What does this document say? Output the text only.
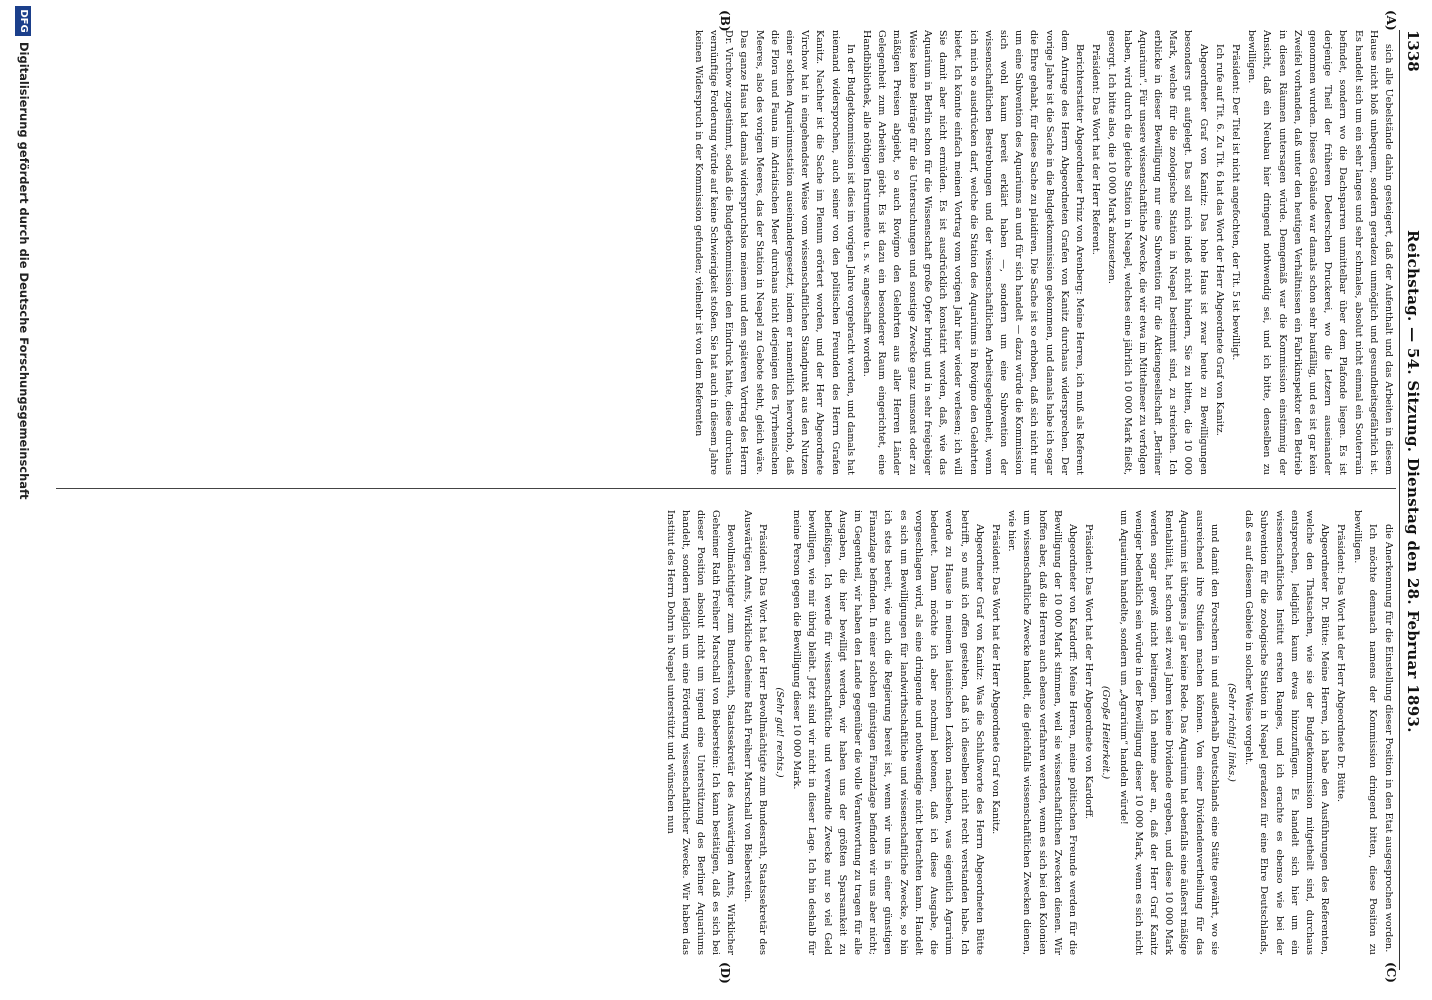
1338
Reichstag. — 54. Sitzung. Dienstag den 28. Februar 1893.
(A)
(B)
(C)
(D)

sich alle Uebelstände dahin gesteigert, daß der Aufenthalt und das Arbeiten in diesem Hause nicht bloß unbequem, sondern geradezu unmöglich und gesundheitsgefährlich ist. Es handelt sich um ein sehr langes und sehr schmales, absolut nicht einmal ein Souterrain befindet, sondern wo die Dachsparren unmittelbar über dem Plafonde liegen. Es ist derjenige Theil der früheren Dederschen Druckerei, wo die Letzern auseinander genommen wurden. Dieses Gebäude war damals schon sehr baufällig, und es ist gar kein Zweifel vorhanden, daß unter den heutigen Verhältnissen ein Fabrikinspektor den Betrieb in diesen Räumen untersagen würde. Demgemäß war die Kommission einstimmig der Ansicht, daß ein Neubau hier dringend nothwendig sei, und ich bitte, denselben zu bewilligen.

Präsident: Der Titel ist nicht angefochten, der Tit. 5 ist bewilligt.

Ich rufe auf Tit. 6. Zu Tit. 6 hat das Wort der Herr Abgeordnete Graf von Kanitz.

Abgeordneter Graf von Kanitz: Das hohe Haus ist zwar heute zu Bewilligungen besonders gut aufgelegt. Das soll mich indeß nicht hindern, Sie zu bitten, die 10 000 Mark, welche für die zoologische Station in Neapel bestimmt sind, zu streichen. Ich erblicke in dieser Bewilligung nur eine Subvention für die Aktiengesellschaft „Berliner Aquarium“. Für unsere wissenschaftliche Zwecke, die wir etwa im Mittelmeer zu verfolgen haben, wird durch die gleiche Station in Neapel, welches eine jährlich 10 000 Mark fließt, gesorgt. Ich bitte also, die 10 000 Mark abzusetzen.

Präsident: Das Wort hat der Herr Referent.

Berichterstatter Abgeordneter Prinz von Arenberg: Meine Herren, ich muß als Referent dem Antrage des Herrn Abgeordneten Grafen von Kanitz durchaus widersprechen. Der vorige Jahre ist die Sache in die Budgetkommission gekommen, und damals habe ich sogar die Ehre gehabt, für diese Sache zu plaidiren. Die Sache ist so erhoben, daß sich nicht nur um eine Subvention des Aquariums an und für sich handelt — dazu würde die Kommission sich wohl kaum bereit erklärt haben —, sondern um eine Subvention der wissenschaftlichen Bestrebungen und der wissenschaftlichen Arbeitsgelegenheit, wenn ich mich so ausdrücken darf, welche die Station des Aquariums in Rovigno den Gelehrten bietet. Ich könnte einfach meinen Vortrag vom vorigen Jahr hier wieder verlesen; ich will Sie damit aber nicht ermüden. Es ist ausdrücklich konstatirt worden, daß, wie das Aquarium in Berlin schon für die Wissenschaft große Opfer bringt und in sehr freigebiger Weise keine Beiträge für die Untersuchungen und sonstige Zwecke ganz umsonst oder zu mäßigen Preisen abgiebt, so auch Rovigno den Gelehrten aus aller Herren Länder Gelegenheit zum Arbeiten giebt. Es ist dazu ein besonderer Raum eingerichtet, eine Handbibliothek, alle nöthigen Instrumente u. s. w. angeschafft worden.

In der Budgetkommission ist dies im vorigen Jahre vorgebracht worden, und damals hat niemand widersprochen, auch seiner von den politischen Freunden des Herrn Grafen Kanitz. Nachher ist die Sache im Plenum erörtert worden, und der Herr Abgeordnete Virchow hat in eingehendster Weise vom wissenschaftlichen Standpunkt aus den Nutzen einer solchen Aquariumsstation auseinandergesetzt, indem er namentlich hervorhob, daß die Flora und Fauna im Adriatischen Meer durchaus nicht derjenigen des Tyrrhenischen Meeres, also des vorigen Meeres, das der Station in Neapel zu Gebote steht, gleich wäre. Das ganze Haus hat damals widerspruchslos meinem und dem späteren Vortrag des Herrn Dr. Virchow zugestimmt, sodaß die Budgetkommission den Eindruck hatte, diese durchaus vernünftige Forderung würde auf keine Schwierigkeit stoßen. Sie hat auch in diesem Jahre keinen Widerspruch in der Kommission gefunden; vielmehr ist von dem Referenten

die Anerkennung für die Einstellung dieser Position in den Etat ausgesprochen worden.

Ich möchte demnach namens der Kommission dringend bitten, diese Position zu bewilligen.

Präsident: Das Wort hat der Herr Abgeordnete Dr. Bütte.

Abgeordneter Dr. Bütte: Meine Herren, ich habe den Ausführungen des Referenten, welche den Thatsachen, wie sie der Budgetkommission mitgetheilt sind, durchaus entsprechen, lediglich kaum etwas hinzuzufügen. Es handelt sich hier um ein wissenschaftliches Institut ersten Ranges, und ich erachte es ebenso wie bei der Subvention für die zoologische Station in Neapel geradezu für eine Ehre Deutschlands, daß es auf diesem Gebiete in solcher Weise vorgeht.

(Sehr richtig! links.)

und damit den Forschern in und außerhalb Deutschlands eine Stätte gewährt, wo sie ausreichend ihre Studien machen können. Von einer Dividendenvertheilung für das Aquarium ist übrigens ja gar keine Rede. Das Aquarium hat ebenfalls eine äußerst mäßige Rentabilität, hat schon seit zwei Jahren keine Dividende ergeben, und diese 10 000 Mark werden sogar gewiß nicht beitragen. Ich nehme aber an, daß der Herr Graf Kanitz weniger bedenklich sein würde in der Bewilligung dieser 10 000 Mark, wenn es sich nicht um Aquarium handelte, sondern um „Agrarium“ handeln würde!

(Große Heiterkeit.)

Präsident: Das Wort hat der Herr Abgeordnete von Kardorff.

Abgeordneter von Kardorff: Meine Herren, meine politischen Freunde werden für die Bewilligung der 10 000 Mark stimmen, weil sie wissenschaftlichen Zwecken dienen. Wir hoffen aber, daß die Herren auch ebenso verfahren werden, wenn es sich bei den Kolonien um wissenschaftliche Zwecke handelt, die gleichfalls wissenschaftlichen Zwecken dienen, wie hier.

Präsident: Das Wort hat der Herr Abgeordnete Graf von Kanitz.

Abgeordneter Graf von Kanitz: Was die Schlußworte des Herrn Abgeordneten Bütte betrifft, so muß ich offen gestehen, daß ich dieselben nicht recht verstanden habe. Ich werde zu Hause in meinem lateinischen Lexikon nachsehen, was eigentlich Agrarium bedeutet. Dann möchte ich aber nochmal betonen, daß ich diese Ausgabe, die vorgeschlagen wird, als eine dringende und nothwendige nicht betrachten kann. Handelt es sich um Bewilligungen für landwirthschaftliche und wissenschaftliche Zwecke, so bin ich stets bereit, wie auch die Regierung bereit ist, wenn wir uns in einer günstigen Finanzlage befinden. In einer solchen günstigen Finanzlage befinden wir uns aber nicht; im Gegentheil, wir haben den Lande gegenüber die volle Verantwortung zu tragen für alle Ausgaben, die hier bewilligt werden, wir haben uns der größten Sparsamkeit zu befleißigen. Ich werde für wissenschaftliche und verwandte Zwecke nur so viel Geld bewilligen, wie mir übrig bleibt. Jetzt sind wir nicht in dieser Lage. Ich bin deshalb für meine Person gegen die Bewilligung dieser 10 000 Mark.

(Sehr gut! rechts.)

Präsident: Das Wort hat der Herr Bevollmächtigte zum Bundesrath, Staatssekretär des Auswärtigen Amts, Wirkliche Geheime Rath Freiherr Marschall von Bieberstein.

Bevollmächtigter zum Bundesrath, Staatssekretär des Auswärtigen Amts, Wirklicher Geheimer Rath Freiherr Marschall von Bieberstein: Ich kann bestätigen, daß es sich bei dieser Position absolut nicht um irgend eine Unterstützung des Berliner Aquariums handelt, sondern lediglich um eine Förderung wissenschaftlicher Zwecke. Wir haben das Institut des Herrn Dohrn in Neapel unterstützt und wünschen nun

DFG
Digitalisierung gefördert durch die Deutsche Forschungsgemeinschaft
